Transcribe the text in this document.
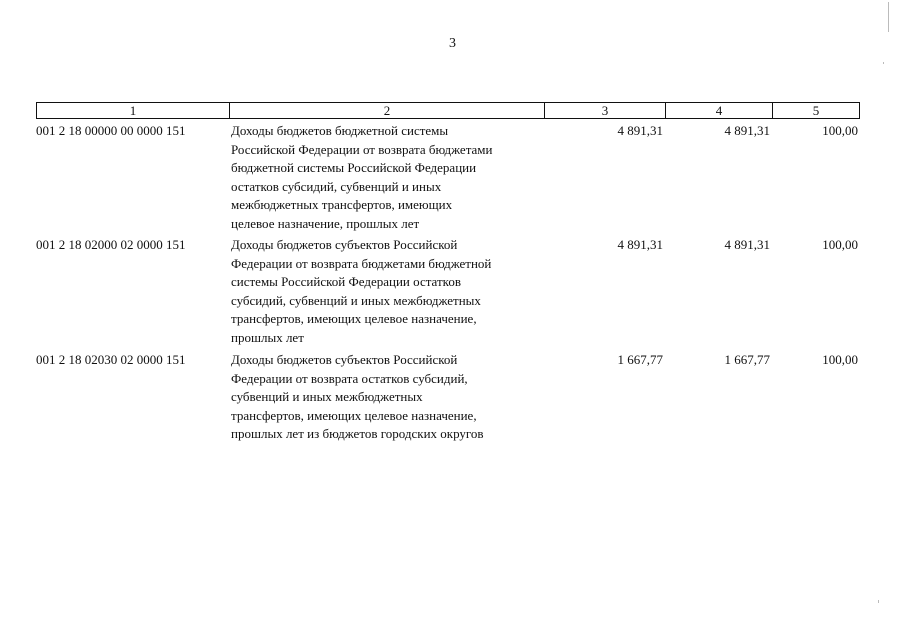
3
1	2	3	4	5
001 2 18 00000 00 0000 151	Доходы бюджетов бюджетной системы
Российской Федерации от возврата бюджетами
бюджетной системы Российской Федерации
остатков субсидий, субвенций и иных
межбюджетных трансфертов, имеющих
целевое назначение, прошлых лет
4 891,31	4 891,31	100,00
001 2 18 02000 02 0000 151	Доходы бюджетов субъектов Российской
Федерации от возврата бюджетами бюджетной
системы Российской Федерации остатков
субсидий, субвенций и иных межбюджетных
трансфертов, имеющих целевое назначение,
прошлых лет
4 891,31	4 891,31	100,00
001 2 18 02030 02 0000 151	Доходы бюджетов субъектов Российской
Федерации от возврата остатков субсидий,
субвенций и иных межбюджетных
трансфертов, имеющих целевое назначение,
прошлых лет из бюджетов городских округов
1 667,77	1 667,77	100,00
